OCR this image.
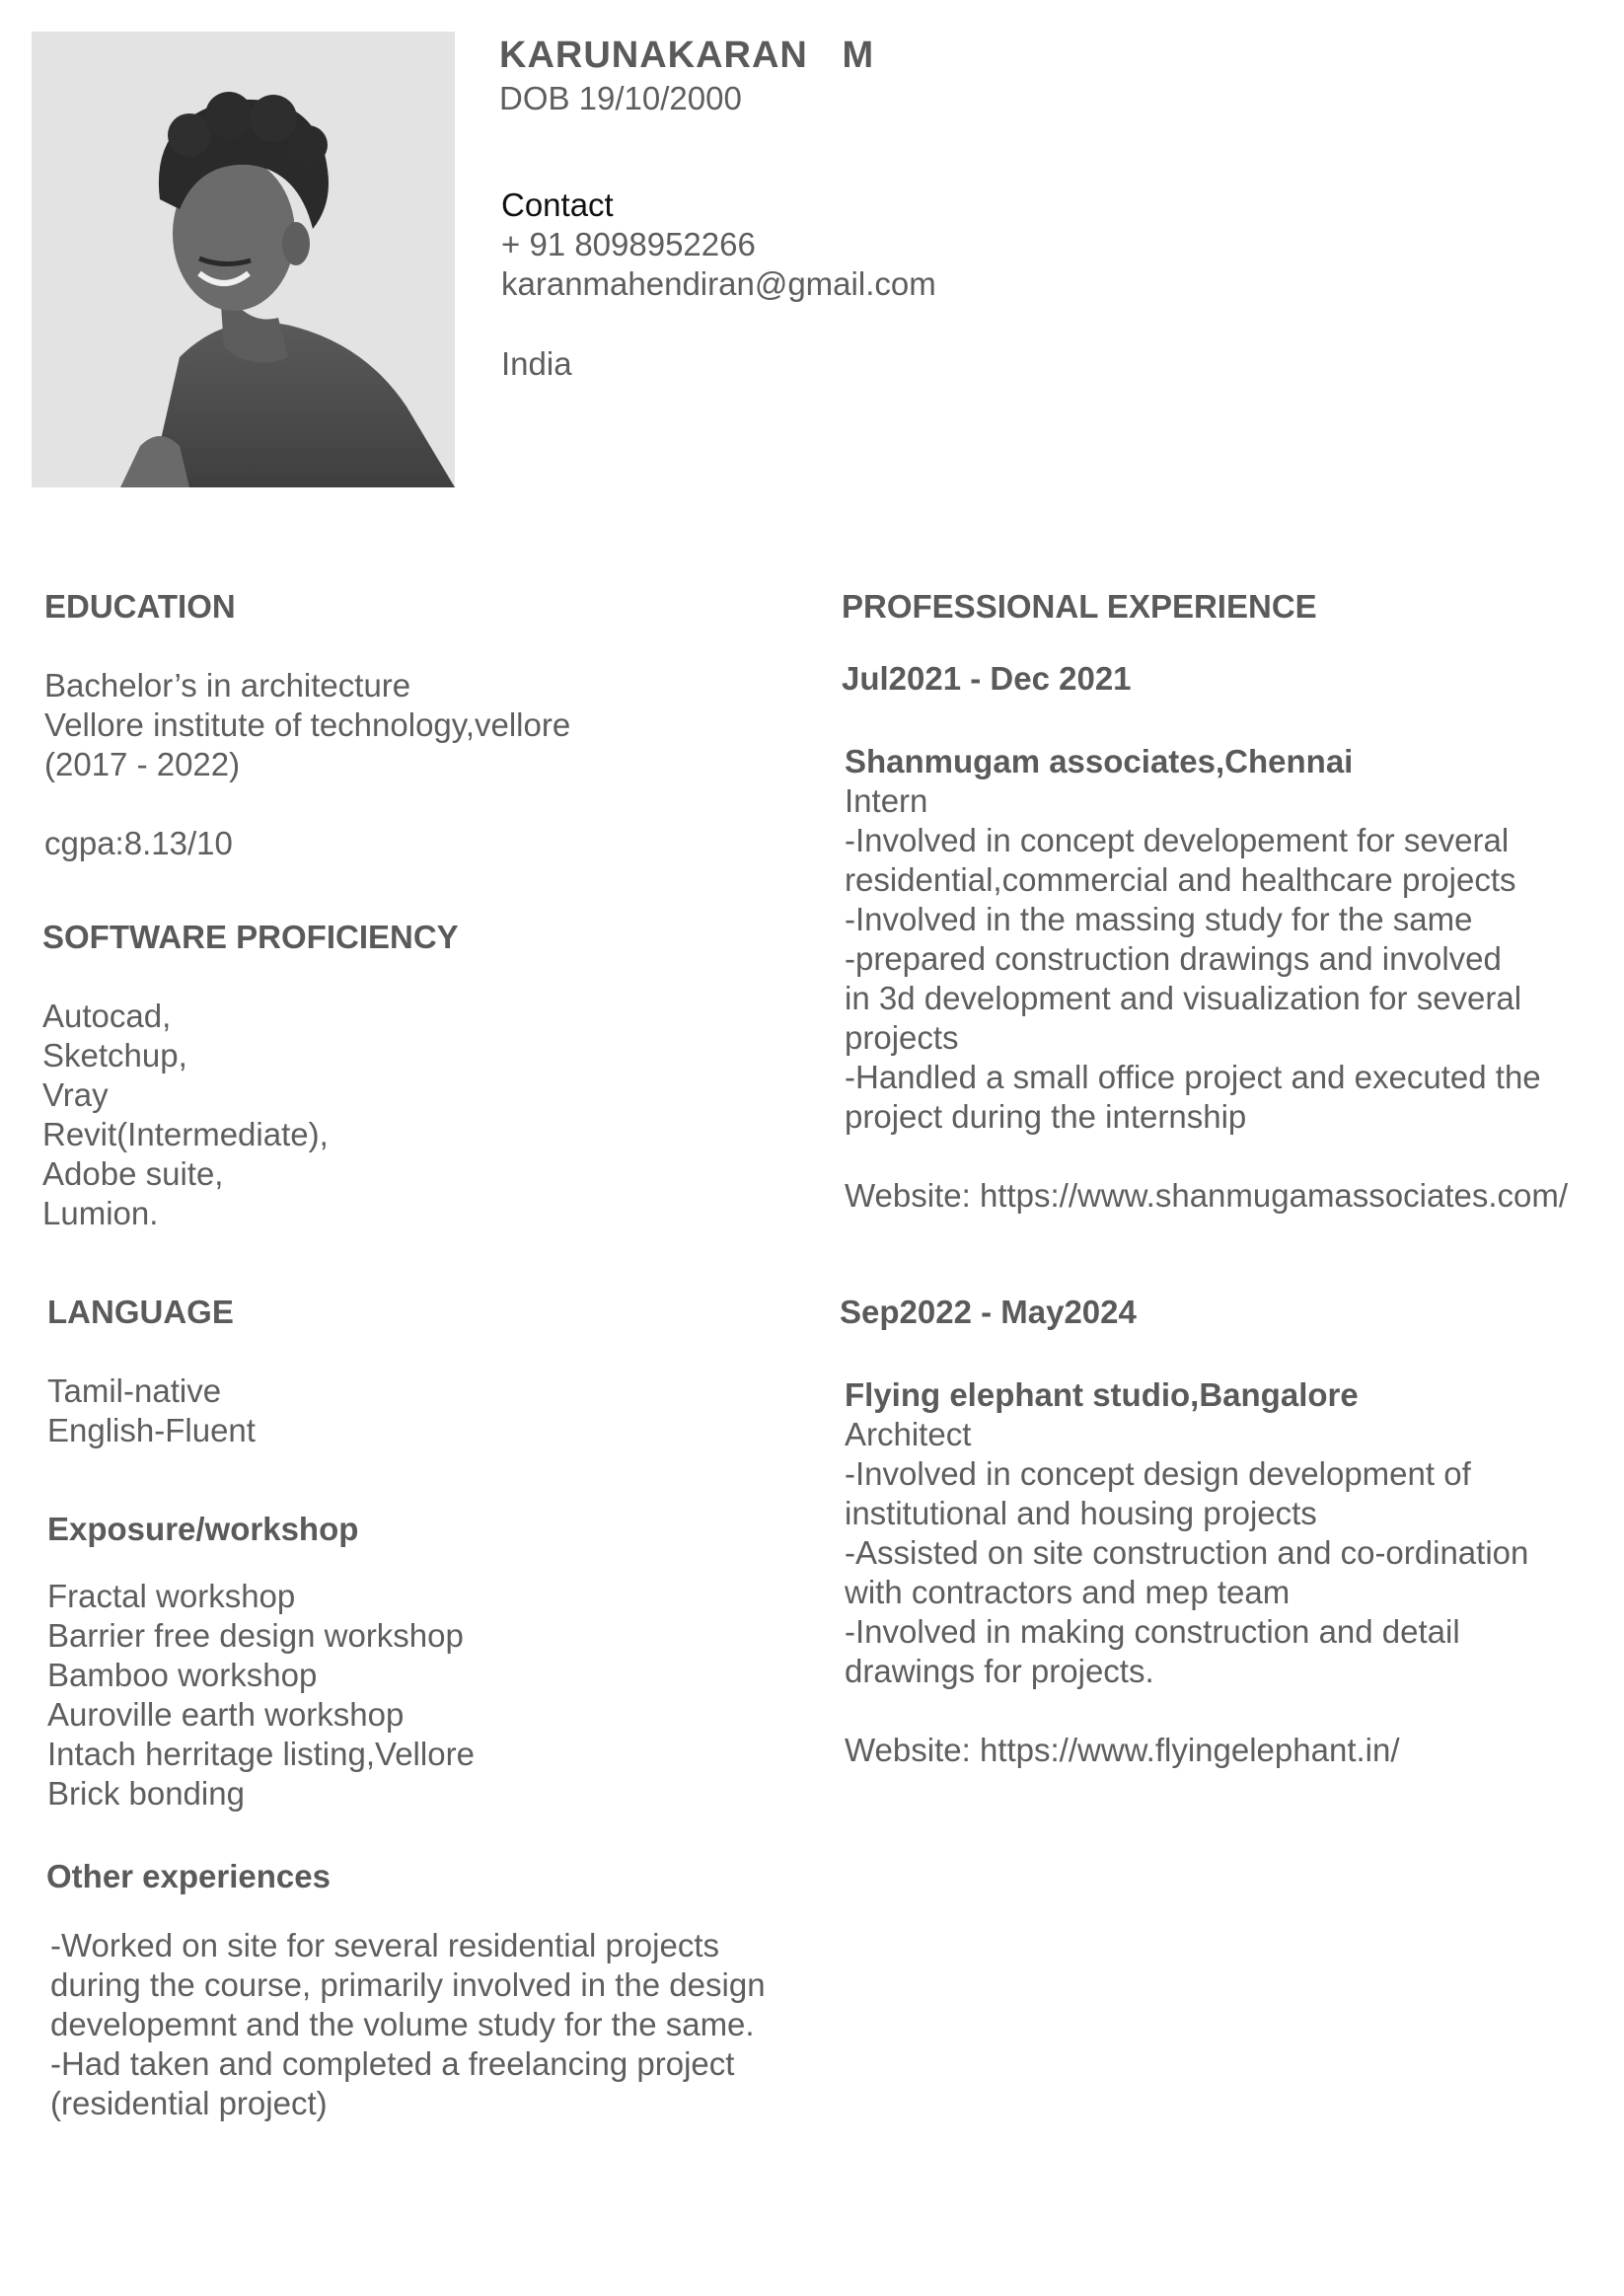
KARUNAKARAN   M
DOB 19/10/2000
Contact
+ 91 8098952266
karanmahendiran@gmail.com
India
EDUCATION
Bachelor’s in architecture
Vellore institute of technology,vellore
(2017 - 2022)
cgpa:8.13/10
SOFTWARE PROFICIENCY
Autocad,
Sketchup,
Vray
Revit(Intermediate),
Adobe suite,
Lumion.
LANGUAGE
Tamil-native
English-Fluent
Exposure/workshop
Fractal workshop
Barrier free design workshop
Bamboo workshop
Auroville earth workshop
Intach herritage listing,Vellore
Brick bonding
Other experiences
-Worked on site for several residential projects
during the course, primarily involved in the design
developemnt and the volume study for the same.
-Had taken and completed a freelancing project
(residential project)
PROFESSIONAL EXPERIENCE
Jul2021 - Dec 2021
Shanmugam associates,Chennai
Intern
-Involved in concept developement for several
residential,commercial and healthcare projects
-Involved in the massing study for the same
-prepared construction drawings and involved
in 3d development and visualization for several
projects
-Handled a small office project and executed the
project during the internship
Website: https://www.shanmugamassociates.com/
Sep2022 - May2024
Flying elephant studio,Bangalore
Architect
-Involved in concept design development of
institutional and housing projects
-Assisted on site construction and co-ordination
with contractors and mep team
-Involved in making construction and detail
drawings for projects.
Website: https://www.flyingelephant.in/
